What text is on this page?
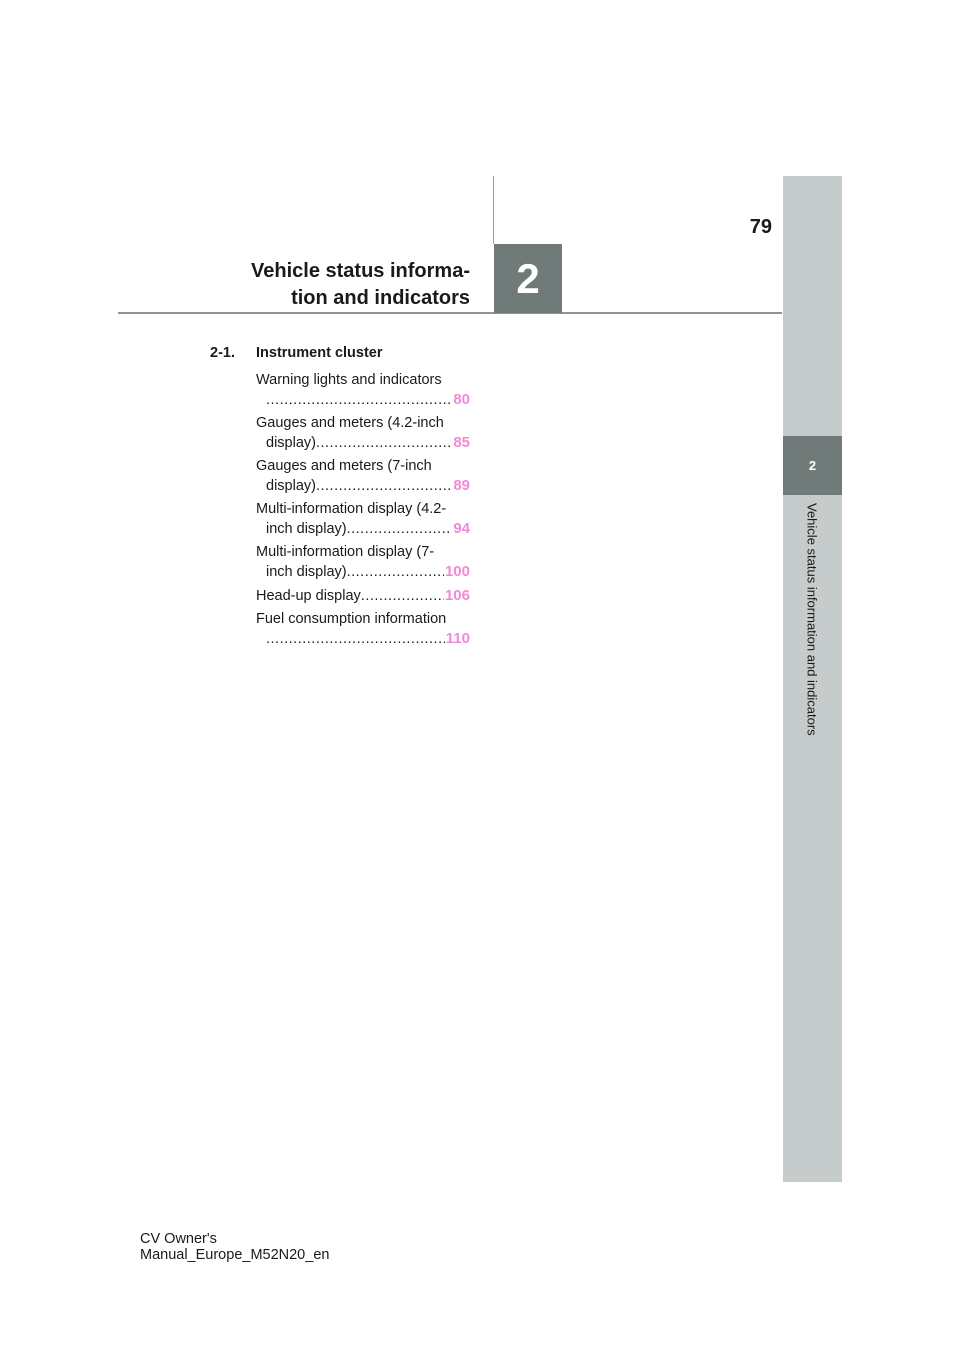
79
2
Vehicle status information and indicators
2
Vehicle status informa-
tion and indicators
2-1.	Instrument cluster
Warning lights and indicators
.....
80
Gauges and meters (4.2-inch
display) .....	85
Gauges and meters (7-inch
display) .....	89
Multi-information display (4.2-
inch display) .....	94
Multi-information display (7-
inch display) .....	100
Head-up display .....	106
Fuel consumption information
.....
110
CV Owner's Manual_Europe_M52N20_en
